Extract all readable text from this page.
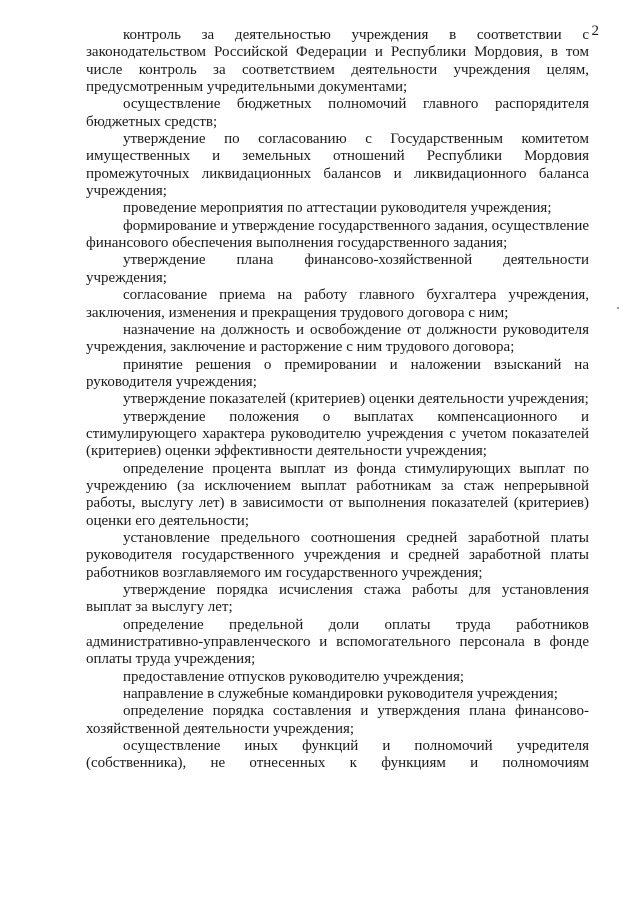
2

контроль за деятельностью учреждения в соответствии с законодательством Российской Федерации и Республики Мордовия, в том числе контроль за соответствием деятельности учреждения целям, предусмотренным учредительными документами;

осуществление бюджетных полномочий главного распорядителя бюджетных средств;

утверждение по согласованию с Государственным комитетом имущественных и земельных отношений Республики Мордовия промежуточных ликвидационных балансов и ликвидационного баланса учреждения;

проведение мероприятия по аттестации руководителя учреждения;

формирование и утверждение государственного задания, осуществление финансового обеспечения выполнения государственного задания;

утверждение плана финансово-хозяйственной деятельности учреждения;

согласование приема на работу главного бухгалтера учреждения, заключения, изменения и прекращения трудового договора с ним;

назначение на должность и освобождение от должности руководителя учреждения, заключение и расторжение с ним трудового договора;

принятие решения о премировании и наложении взысканий на руководителя учреждения;

утверждение показателей (критериев) оценки деятельности учреждения;

утверждение положения о выплатах компенсационного и стимулирующего характера руководителю учреждения с учетом показателей (критериев) оценки эффективности деятельности учреждения;

определение процента выплат из фонда стимулирующих выплат по учреждению (за исключением выплат работникам за стаж непрерывной работы, выслугу лет) в зависимости от выполнения показателей (критериев) оценки его деятельности;

установление предельного соотношения средней заработной платы руководителя государственного учреждения и средней заработной платы работников возглавляемого им государственного учреждения;

утверждение порядка исчисления стажа работы для установления выплат за выслугу лет;

определение предельной доли оплаты труда работников административно-управленческого и вспомогательного персонала в фонде оплаты труда учреждения;

предоставление отпусков руководителю учреждения;

направление в служебные командировки руководителя учреждения;

определение порядка составления и утверждения плана финансово-хозяйственной деятельности учреждения;

осуществление иных функций и полномочий учредителя (собственника), не отнесенных к функциям и полномочиям
